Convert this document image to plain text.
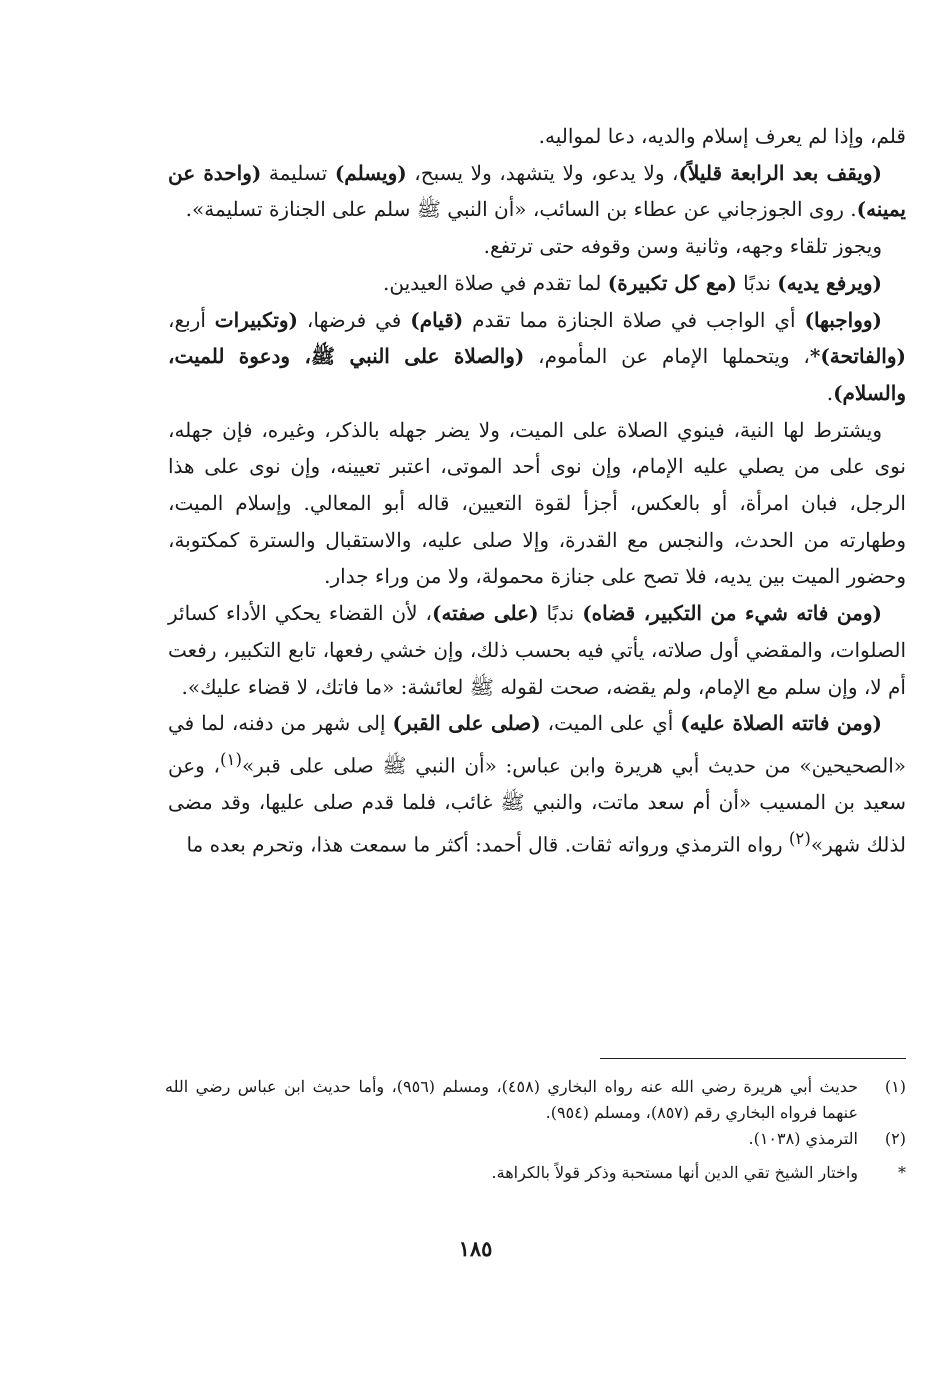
قلم، وإذا لم يعرف إسلام والديه، دعا لمواليه.

(ويقف بعد الرابعة قليلاً)، ولا يدعو، ولا يتشهد، ولا يسبح، (ويسلم) تسليمة (واحدة عن يمينه). روى الجوزجاني عن عطاء بن السائب، «أن النبي ﷺ سلم على الجنازة تسليمة».

ويجوز تلقاء وجهه، وثانية وسن وقوفه حتى ترتفع.

(ويرفع يديه) ندبًا (مع كل تكبيرة) لما تقدم في صلاة العيدين.

(وواجبها) أي الواجب في صلاة الجنازة مما تقدم (قيام) في فرضها، (وتكبيرات أربع، (والفاتحة)*، ويتحملها الإمام عن المأموم، (والصلاة على النبي ﷺ، ودعوة للميت، والسلام).

ويشترط لها النية، فينوي الصلاة على الميت، ولا يضر جهله بالذكر، وغيره، فإن جهله، نوى على من يصلي عليه الإمام، وإن نوى أحد الموتى، اعتبر تعيينه، وإن نوى على هذا الرجل، فبان امرأة، أو بالعكس، أجزأ لقوة التعيين، قاله أبو المعالي. وإسلام الميت، وطهارته من الحدث، والنجس مع القدرة، وإلا صلى عليه، والاستقبال والسترة كمكتوبة، وحضور الميت بين يديه، فلا تصح على جنازة محمولة، ولا من وراء جدار.

(ومن فاته شيء من التكبير، قضاه) ندبًا (على صفته)، لأن القضاء يحكي الأداء كسائر الصلوات، والمقضي أول صلاته، يأتي فيه بحسب ذلك، وإن خشي رفعها، تابع التكبير، رفعت أم لا، وإن سلم مع الإمام، ولم يقضه، صحت لقوله ﷺ لعائشة: «ما فاتك، لا قضاء عليك».

(ومن فاتته الصلاة عليه) أي على الميت، (صلى على القبر) إلى شهر من دفنه، لما في «الصحيحين» من حديث أبي هريرة وابن عباس: «أن النبي ﷺ صلى على قبر»$^{(١)}$، وعن سعيد بن المسيب «أن أم سعد ماتت، والنبي ﷺ غائب، فلما قدم صلى عليها، وقد مضى لذلك شهر»$^{(٢)}$ رواه الترمذي ورواته ثقات. قال أحمد: أكثر ما سمعت هذا، وتحرم بعده ما

(١)
حديث أبي هريرة رضي الله عنه رواه البخاري (٤٥٨)، ومسلم (٩٥٦)، وأما حديث ابن عباس رضي الله عنهما فرواه البخاري رقم (٨٥٧)، ومسلم (٩٥٤).
(٢)
الترمذي (١٠٣٨).
*
واختار الشيخ تقي الدين أنها مستحبة وذكر قولاً بالكراهة.
١٨٥
